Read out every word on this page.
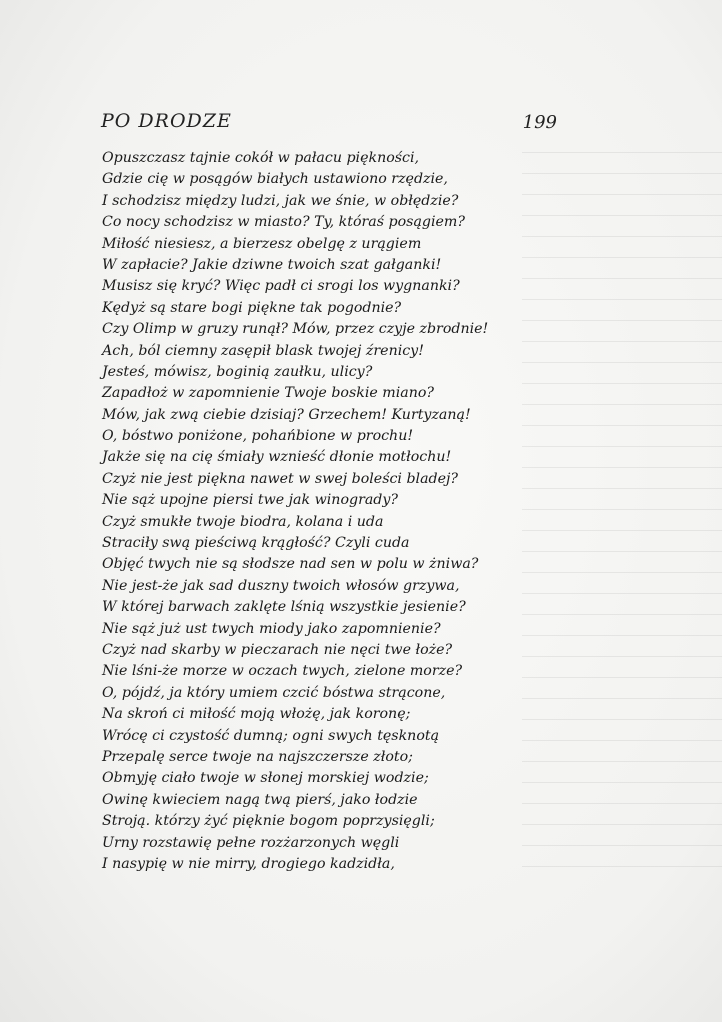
PO DRODZE	199
Opuszczasz tajnie cokół w pałacu piękności,
Gdzie cię w posągów białych ustawiono rzędzie,
I schodzisz między ludzi, jak we śnie, w obłędzie?
Co nocy schodzisz w miasto? Ty, któraś posągiem?
Miłość niesiesz, a bierzesz obelgę z urągiem
W zapłacie? Jakie dziwne twoich szat gałganki!
Musisz się kryć? Więc padł ci srogi los wygnanki?
Kędyż są stare bogi piękne tak pogodnie?
Czy Olimp w gruzy runął? Mów, przez czyje zbrodnie!
Ach, ból ciemny zasępił blask twojej źrenicy!
Jesteś, mówisz, boginią zaułku, ulicy?
Zapadłoż w zapomnienie Twoje boskie miano?
Mów, jak zwą ciebie dzisiaj? Grzechem! Kurtyzaną!
O, bóstwo poniżone, pohańbione w prochu!
Jakże się na cię śmiały wznieść dłonie motłochu!
Czyż nie jest piękna nawet w swej boleści bladej?
Nie sąż upojne piersi twe jak winogrady?
Czyż smukłe twoje biodra, kolana i uda
Straciły swą pieściwą krągłość? Czyli cuda
Objęć twych nie są słodsze nad sen w polu w żniwa?
Nie jest-że jak sad duszny twoich włosów grzywa,
W której barwach zaklęte lśnią wszystkie jesienie?
Nie sąż już ust twych miody jako zapomnienie?
Czyż nad skarby w pieczarach nie nęci twe łoże?
Nie lśni-że morze w oczach twych, zielone morze?
O, pójdź, ja który umiem czcić bóstwa strącone,
Na skroń ci miłość moją włożę, jak koronę;
Wrócę ci czystość dumną; ogni swych tęsknotą
Przepalę serce twoje na najszczersze złoto;
Obmyję ciało twoje w słonej morskiej wodzie;
Owinę kwieciem nagą twą pierś, jako łodzie
Stroją. którzy żyć pięknie bogom poprzysięgli;
Urny rozstawię pełne rozżarzonych węgli
I nasypię w nie mirry, drogiego kadzidła,
